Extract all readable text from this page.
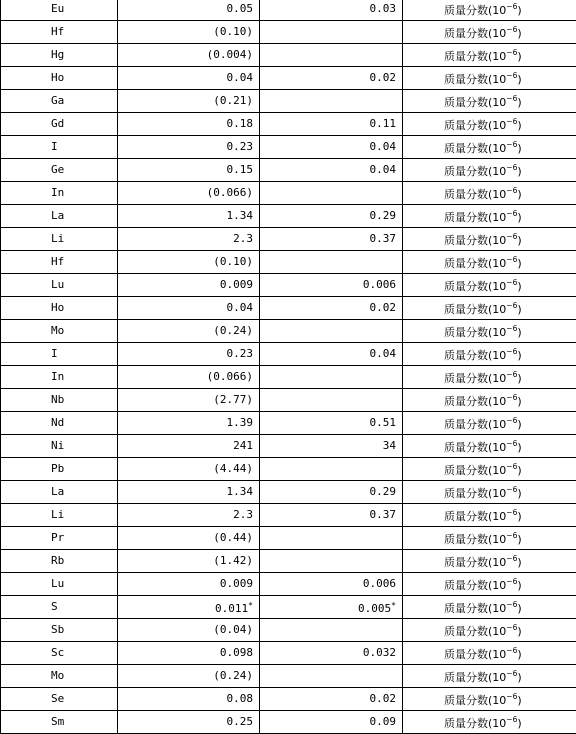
Eu	0.05	0.03	质量分数$(10^{-6})$
Hf	(0.10)		质量分数$(10^{-6})$
Hg	(0.004)		质量分数$(10^{-6})$
Ho	0.04	0.02	质量分数$(10^{-6})$
Ga	(0.21)		质量分数$(10^{-6})$
Gd	0.18	0.11	质量分数$(10^{-6})$
I	0.23	0.04	质量分数$(10^{-6})$
Ge	0.15	0.04	质量分数$(10^{-6})$
In	(0.066)		质量分数$(10^{-6})$
La	1.34	0.29	质量分数$(10^{-6})$
Li	2.3	0.37	质量分数$(10^{-6})$
Hf	(0.10)		质量分数$(10^{-6})$
Lu	0.009	0.006	质量分数$(10^{-6})$
Ho	0.04	0.02	质量分数$(10^{-6})$
Mo	(0.24)		质量分数$(10^{-6})$
I	0.23	0.04	质量分数$(10^{-6})$
In	(0.066)		质量分数$(10^{-6})$
Nb	(2.77)		质量分数$(10^{-6})$
Nd	1.39	0.51	质量分数$(10^{-6})$
Ni	241	34	质量分数$(10^{-6})$
Pb	(4.44)		质量分数$(10^{-6})$
La	1.34	0.29	质量分数$(10^{-6})$
Li	2.3	0.37	质量分数$(10^{-6})$
Pr	(0.44)		质量分数$(10^{-6})$
Rb	(1.42)		质量分数$(10^{-6})$
Lu	0.009	0.006	质量分数$(10^{-6})$
S	0.011*	0.005*	质量分数$(10^{-6})$
Sb	(0.04)		质量分数$(10^{-6})$
Sc	0.098	0.032	质量分数$(10^{-6})$
Mo	(0.24)		质量分数$(10^{-6})$
Se	0.08	0.02	质量分数$(10^{-6})$
Sm	0.25	0.09	质量分数$(10^{-6})$
